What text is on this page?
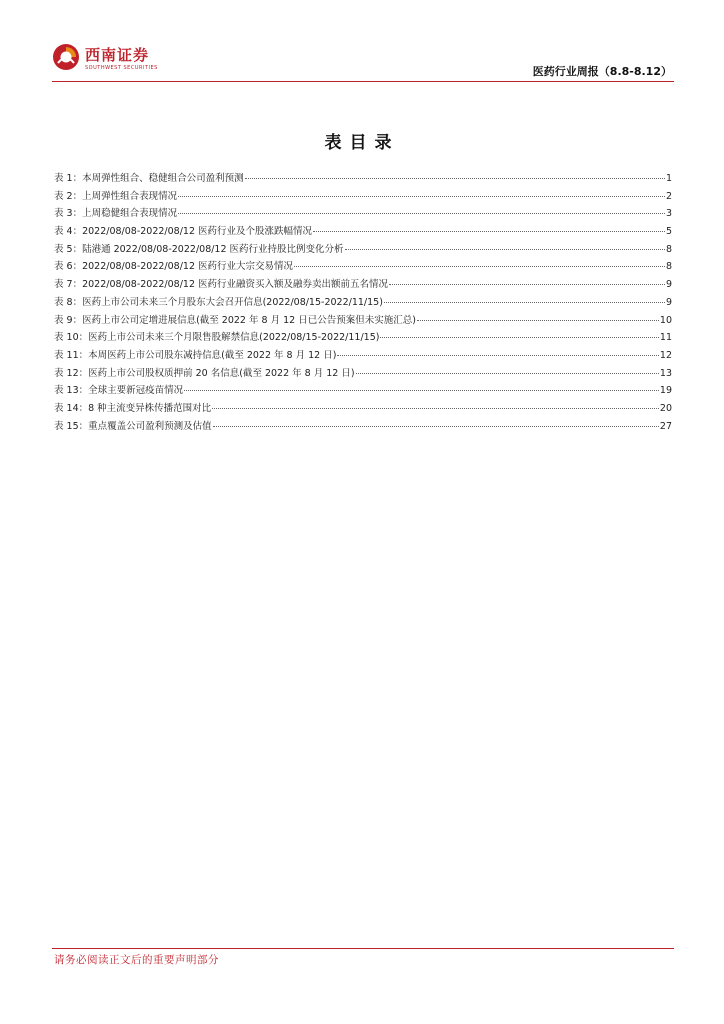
西南证券
SOUTHWEST SECURITIES	医药行业周报（8.8-8.12）
表目录
表 1：本周弹性组合、稳健组合公司盈利预测	1
表 2：上周弹性组合表现情况	2
表 3：上周稳健组合表现情况	3
表 4：2022/08/08-2022/08/12 医药行业及个股涨跌幅情况	5
表 5：陆港通 2022/08/08-2022/08/12 医药行业持股比例变化分析	8
表 6：2022/08/08-2022/08/12 医药行业大宗交易情况	8
表 7：2022/08/08-2022/08/12 医药行业融资买入额及融券卖出额前五名情况	9
表 8：医药上市公司未来三个月股东大会召开信息(2022/08/15-2022/11/15)	9
表 9：医药上市公司定增进展信息(截至 2022 年 8 月 12 日已公告预案但未实施汇总)	10
表 10：医药上市公司未来三个月限售股解禁信息(2022/08/15-2022/11/15)	11
表 11：本周医药上市公司股东减持信息(截至 2022 年 8 月 12 日)	12
表 12：医药上市公司股权质押前 20 名信息(截至 2022 年 8 月 12 日)	13
表 13：全球主要新冠疫苗情况	19
表 14：8 种主流变异株传播范围对比	20
表 15：重点覆盖公司盈利预测及估值	27
请务必阅读正文后的重要声明部分
